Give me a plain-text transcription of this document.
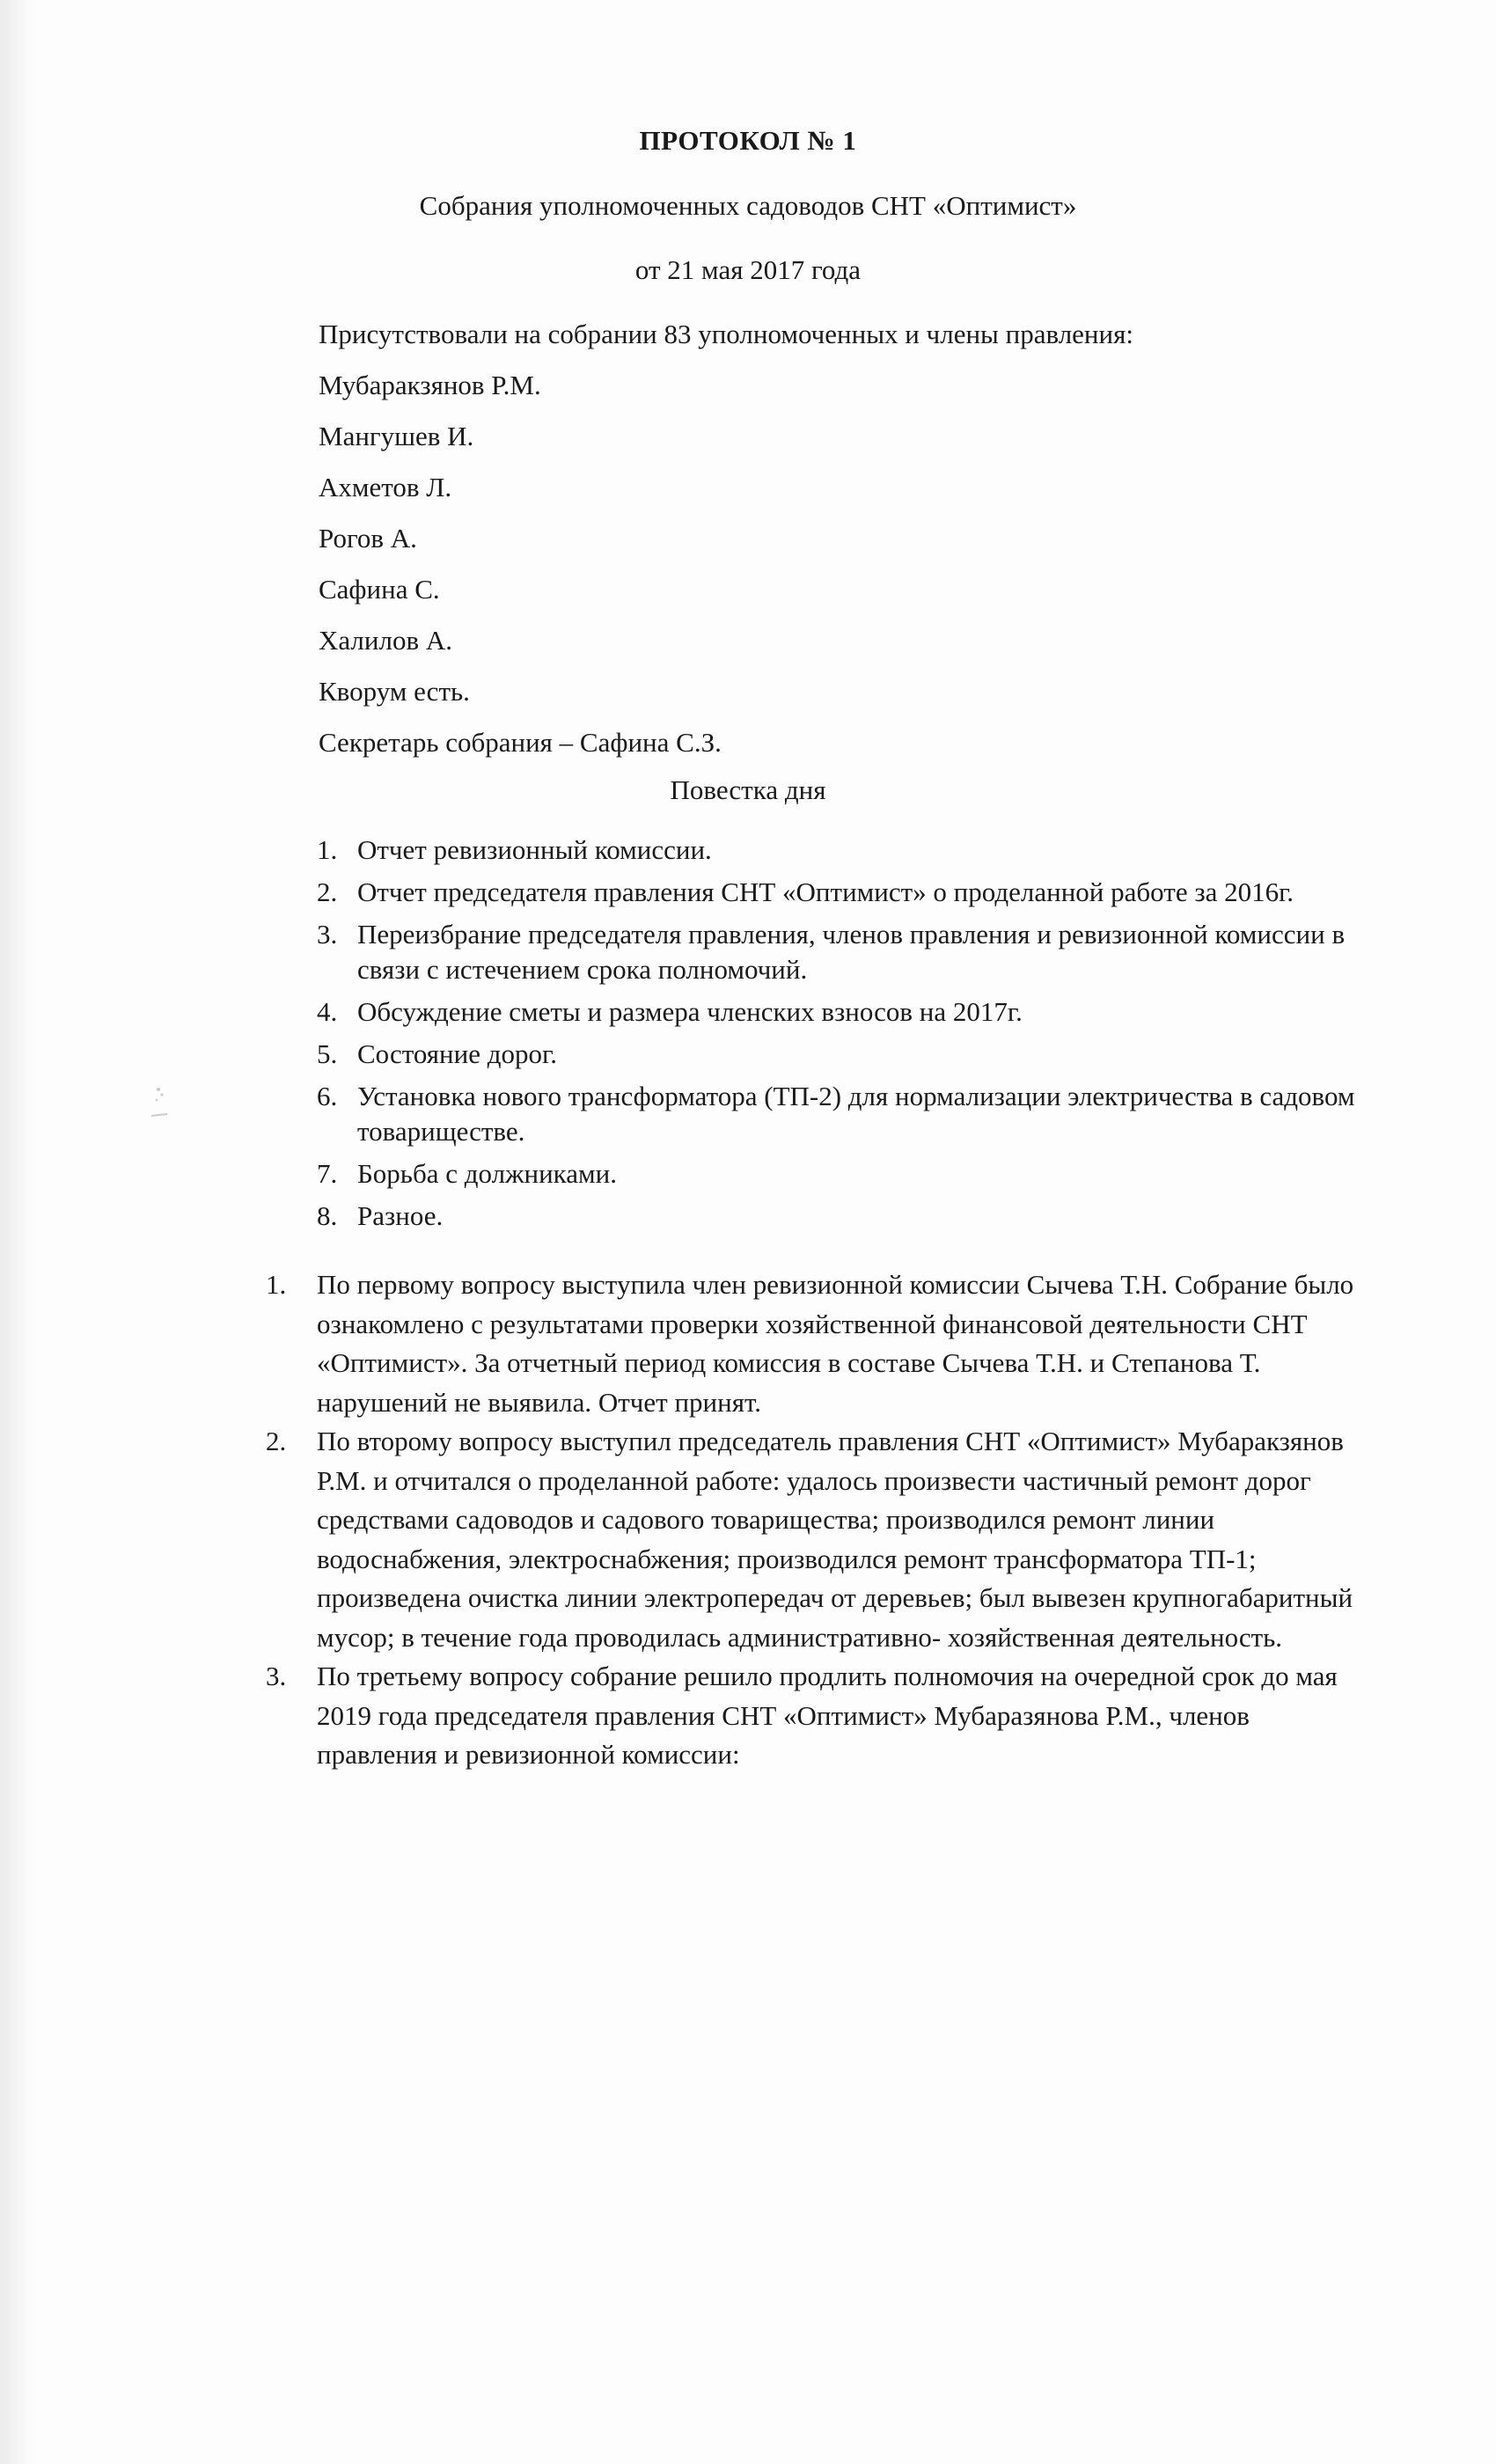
ПРОТОКОЛ № 1
Собрания уполномоченных садоводов СНТ «Оптимист»
от 21 мая 2017 года
Присутствовали на собрании 83 уполномоченных и члены правления:
Мубаракзянов Р.М.
Мангушев И.
Ахметов Л.
Рогов А.
Сафина С.
Халилов А.
Кворум есть.
Секретарь собрания – Сафина С.З.
Повестка дня
1. Отчет ревизионный комиссии.
2. Отчет председателя правления СНТ «Оптимист» о проделанной работе за 2016г.
3. Переизбрание председателя правления, членов правления и ревизионной комиссии в связи с истечением срока полномочий.
4. Обсуждение сметы и размера членских взносов на 2017г.
5. Состояние дорог.
6. Установка нового трансформатора (ТП-2) для нормализации электричества в садовом товариществе.
7. Борьба с должниками.
8. Разное.
1.	По первому вопросу выступила член ревизионной комиссии Сычева Т.Н. Собрание было ознакомлено с результатами проверки хозяйственной финансовой деятельности СНТ «Оптимист». За отчетный период комиссия в составе Сычева Т.Н. и Степанова Т. нарушений не выявила. Отчет принят.
2.	По второму вопросу выступил председатель правления СНТ «Оптимист» Мубаракзянов Р.М. и отчитался о проделанной работе: удалось произвести частичный ремонт дорог средствами садоводов и садового товарищества; производился ремонт линии водоснабжения, электроснабжения; производился ремонт трансформатора ТП-1; произведена очистка линии электропередач от деревьев; был вывезен крупногабаритный мусор; в течение года проводилась административно- хозяйственная деятельность.
3.	По третьему вопросу собрание решило продлить полномочия на очередной срок до мая 2019 года председателя правления СНТ «Оптимист» Мубаразянова Р.М., членов правления и ревизионной комиссии:
